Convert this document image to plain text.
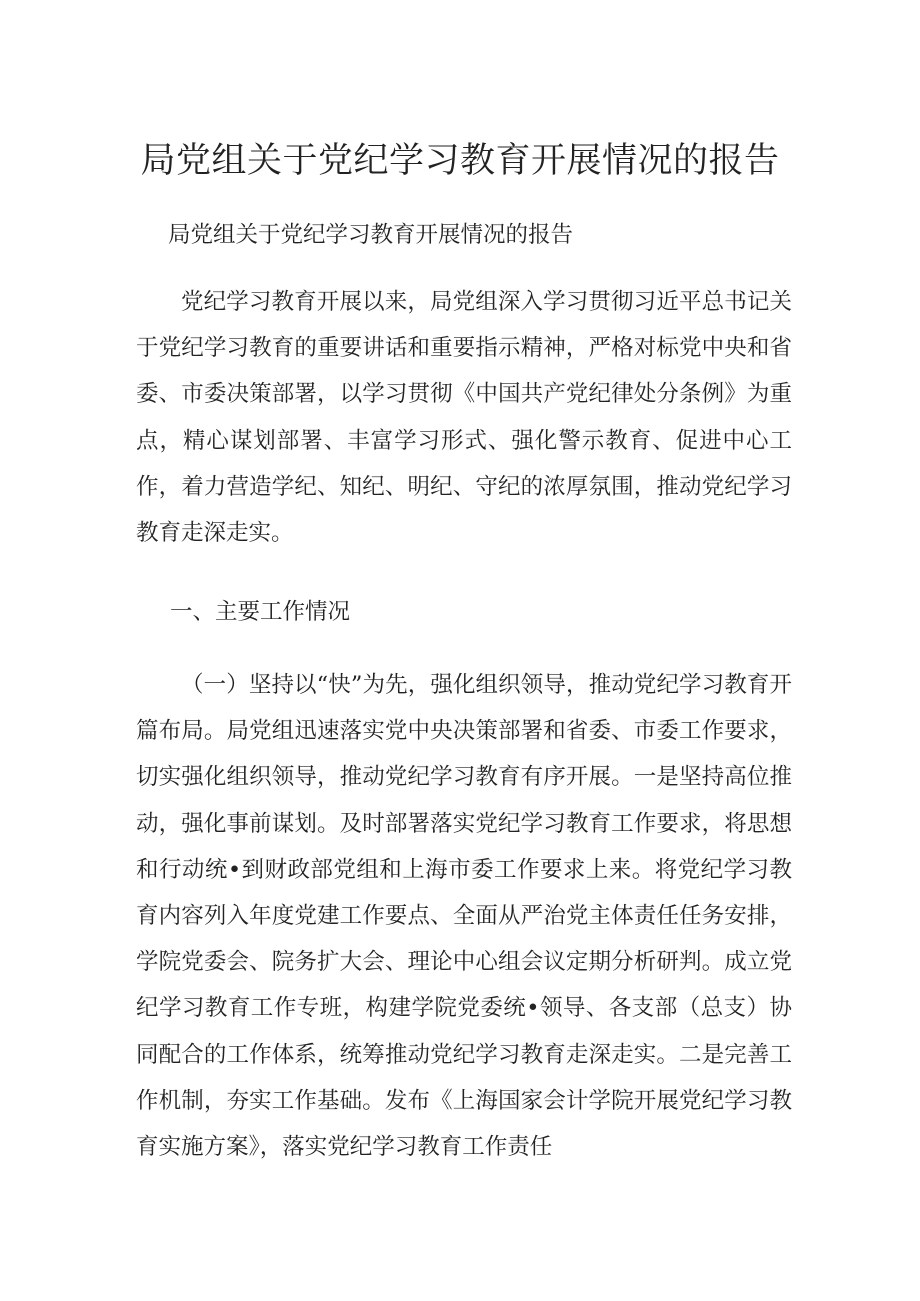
局党组关于党纪学习教育开展情况的报告

局党组关于党纪学习教育开展情况的报告

党纪学习教育开展以来，局党组深入学习贯彻习近平总书记关于党纪学习教育的重要讲话和重要指示精神，严格对标党中央和省委、市委决策部署，以学习贯彻《中国共产党纪律处分条例》为重点，精心谋划部署、丰富学习形式、强化警示教育、促进中心工作，着力营造学纪、知纪、明纪、守纪的浓厚氛围，推动党纪学习教育走深走实。

一、主要工作情况

（一）坚持以“快”为先，强化组织领导，推动党纪学习教育开篇布局。局党组迅速落实党中央决策部署和省委、市委工作要求，切实强化组织领导，推动党纪学习教育有序开展。一是坚持高位推动，强化事前谋划。及时部署落实党纪学习教育工作要求，将思想和行动统•到财政部党组和上海市委工作要求上来。将党纪学习教育内容列入年度党建工作要点、全面从严治党主体责任任务安排，学院党委会、院务扩大会、理论中心组会议定期分析研判。成立党纪学习教育工作专班，构建学院党委统•领导、各支部（总支）协同配合的工作体系，统筹推动党纪学习教育走深走实。二是完善工作机制，夯实工作基础。发布《上海国家会计学院开展党纪学习教育实施方案》，落实党纪学习教育工作责任
